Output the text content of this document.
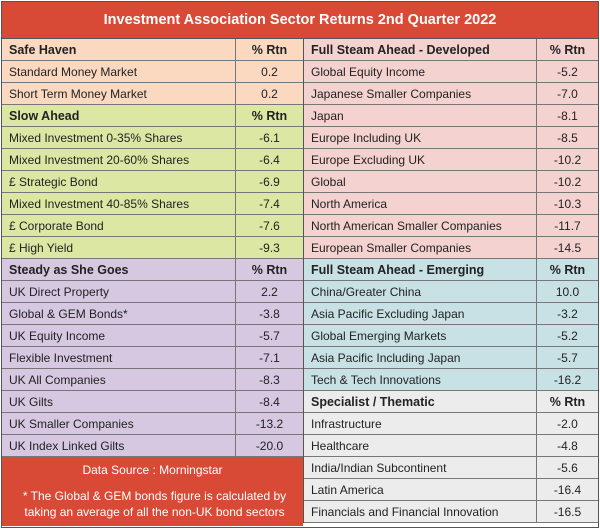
Investment Association Sector Returns 2nd Quarter 2022
Safe Haven	% Rtn
Standard Money Market	0.2
Short Term Money Market	0.2
Slow Ahead	% Rtn
Mixed Investment 0-35% Shares	-6.1
Mixed Investment 20-60% Shares	-6.4
£ Strategic Bond	-6.9
Mixed Investment 40-85% Shares	-7.4
£ Corporate Bond	-7.6
£ High Yield	-9.3
Steady as She Goes	% Rtn
UK Direct Property	2.2
Global & GEM Bonds*	-3.8
UK Equity Income	-5.7
Flexible Investment	-7.1
UK All Companies	-8.3
UK Gilts	-8.4
UK Smaller Companies	-13.2
UK Index Linked Gilts	-20.0
Data Source : Morningstar
* The Global & GEM bonds figure is calculated by taking an average of all the non-UK bond sectors
Full Steam Ahead - Developed	% Rtn
Global Equity Income	-5.2
Japanese Smaller Companies	-7.0
Japan	-8.1
Europe Including UK	-8.5
Europe Excluding UK	-10.2
Global	-10.2
North America	-10.3
North American Smaller Companies	-11.7
European Smaller Companies	-14.5
Full Steam Ahead - Emerging	% Rtn
China/Greater China	10.0
Asia Pacific Excluding Japan	-3.2
Global Emerging Markets	-5.2
Asia Pacific Including Japan	-5.7
Tech & Tech Innovations	-16.2
Specialist / Thematic	% Rtn
Infrastructure	-2.0
Healthcare	-4.8
India/Indian Subcontinent	-5.6
Latin America	-16.4
Financials and Financial Innovation	-16.5
